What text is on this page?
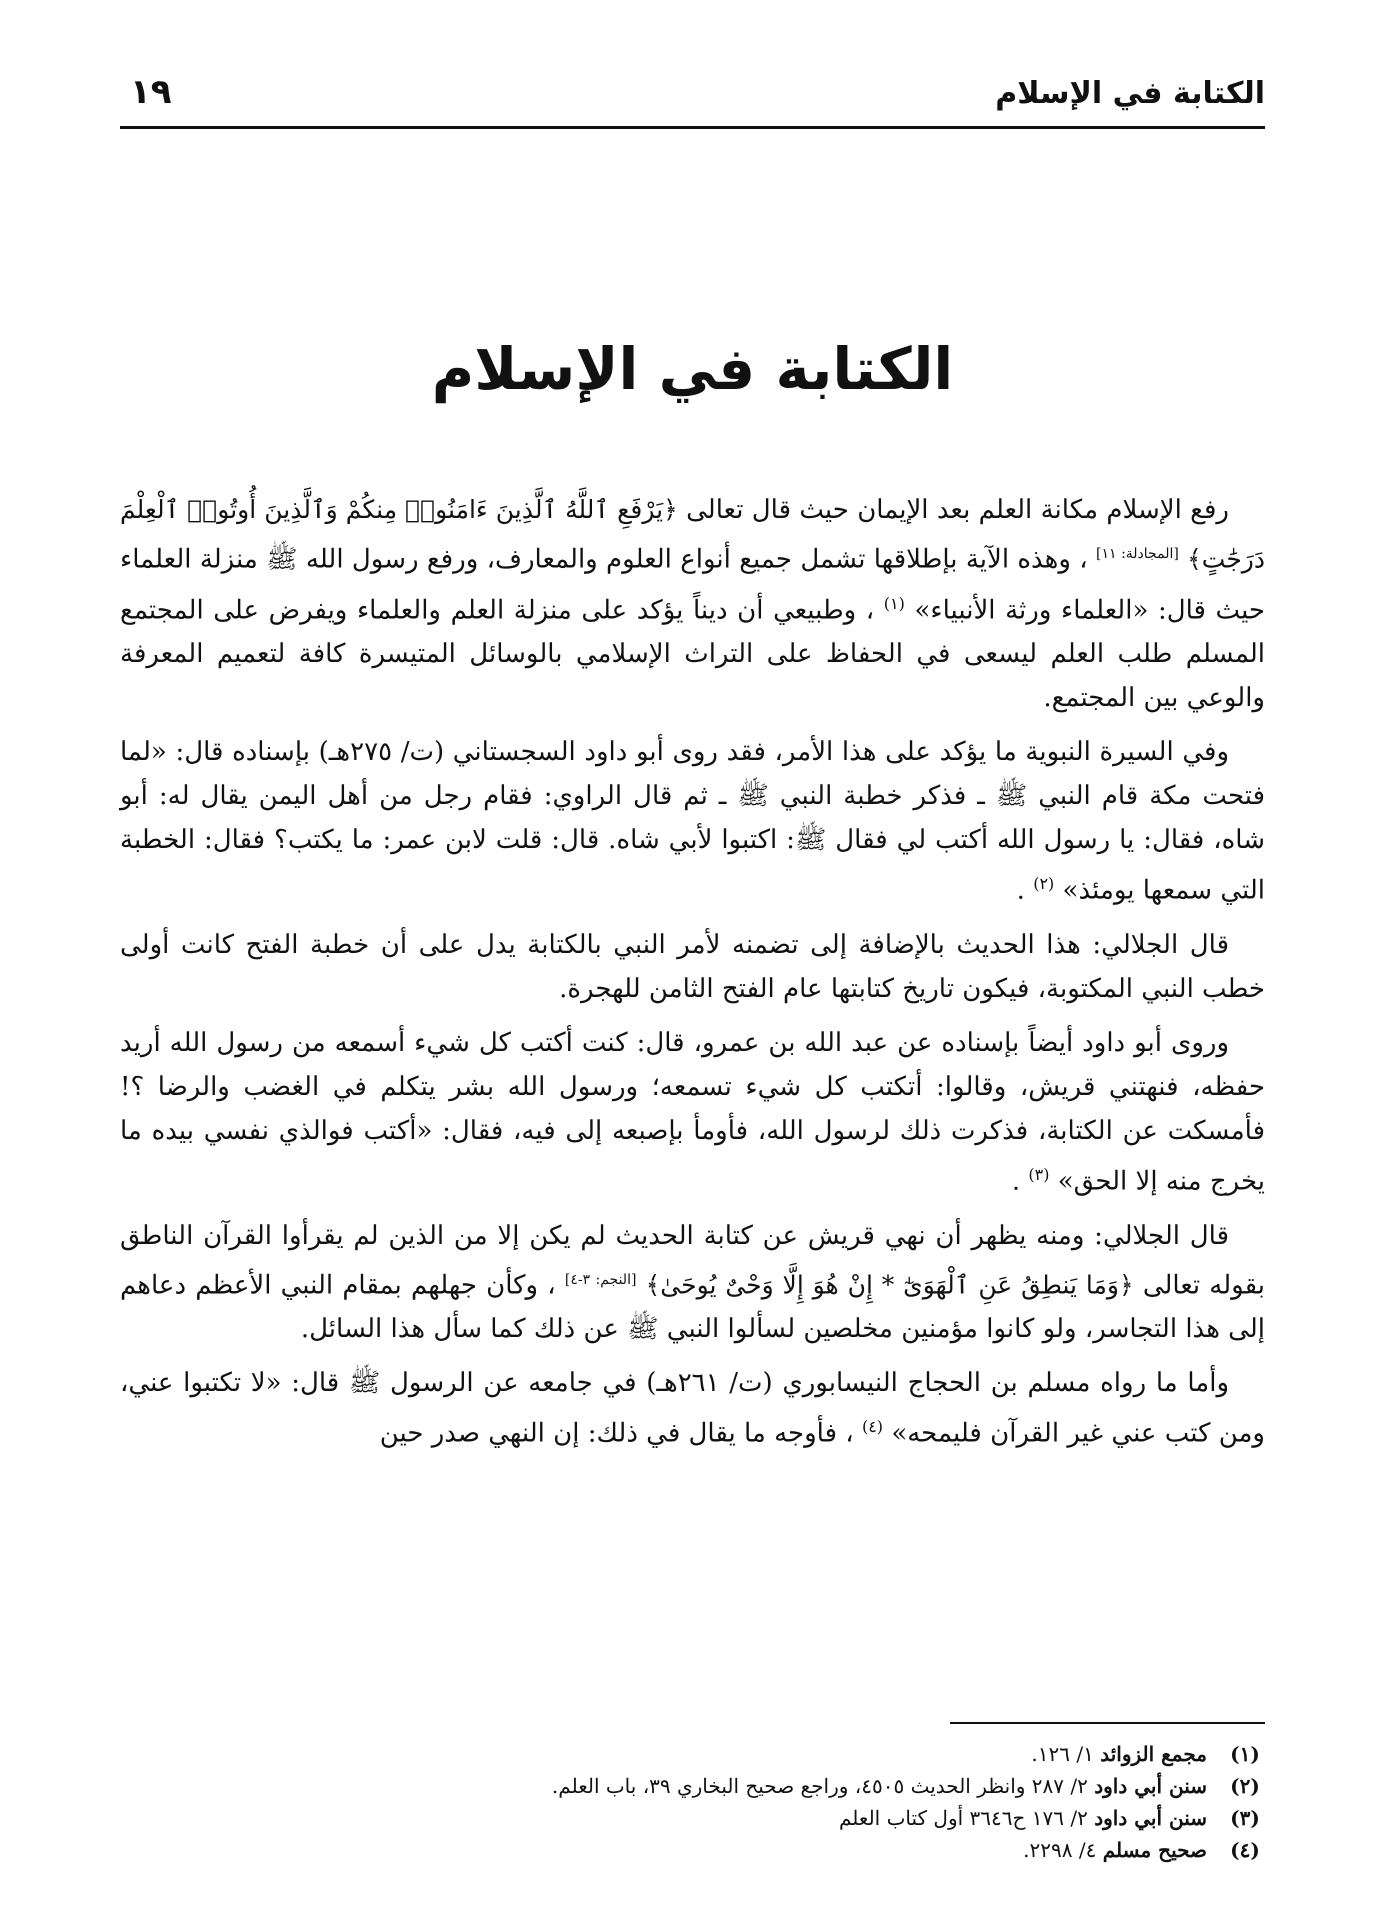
الكتابة في الإسلام
١٩
الكتابة في الإسلام

رفع الإسلام مكانة العلم بعد الإيمان حيث قال تعالى ﴿يَرْفَعِ ٱللَّهُ ٱلَّذِينَ ءَامَنُوا۟ مِنكُمْ وَٱلَّذِينَ أُوتُوا۟ ٱلْعِلْمَ دَرَجَٰتٍ﴾ [المجادلة: ١١] ، وهذه الآية بإطلاقها تشمل جميع أنواع العلوم والمعارف، ورفع رسول الله ﷺ منزلة العلماء حيث قال: «العلماء ورثة الأنبياء» $^{(١)}$ ، وطبيعي أن ديناً يؤكد على منزلة العلم والعلماء ويفرض على المجتمع المسلم طلب العلم ليسعى في الحفاظ على التراث الإسلامي بالوسائل المتيسرة كافة لتعميم المعرفة والوعي بين المجتمع.

وفي السيرة النبوية ما يؤكد على هذا الأمر، فقد روى أبو داود السجستاني (ت/ ٢٧٥هـ) بإسناده قال: «لما فتحت مكة قام النبي ﷺ ـ فذكر خطبة النبي ﷺ ـ ثم قال الراوي: فقام رجل من أهل اليمن يقال له: أبو شاه، فقال: يا رسول الله أكتب لي فقال ﷺ: اكتبوا لأبي شاه. قال: قلت لابن عمر: ما يكتب؟ فقال: الخطبة التي سمعها يومئذ» $^{(٢)}$ .

قال الجلالي: هذا الحديث بالإضافة إلى تضمنه لأمر النبي بالكتابة يدل على أن خطبة الفتح كانت أولى خطب النبي المكتوبة، فيكون تاريخ كتابتها عام الفتح الثامن للهجرة.

وروى أبو داود أيضاً بإسناده عن عبد الله بن عمرو، قال: كنت أكتب كل شيء أسمعه من رسول الله أريد حفظه، فنهتني قريش، وقالوا: أتكتب كل شيء تسمعه؛ ورسول الله بشر يتكلم في الغضب والرضا ؟! فأمسكت عن الكتابة، فذكرت ذلك لرسول الله، فأومأ بإصبعه إلى فيه، فقال: «أكتب فوالذي نفسي بيده ما يخرج منه إلا الحق» $^{(٣)}$ .

قال الجلالي: ومنه يظهر أن نهي قريش عن كتابة الحديث لم يكن إلا من الذين لم يقرأوا القرآن الناطق بقوله تعالى ﴿وَمَا يَنطِقُ عَنِ ٱلْهَوَىٰٓ * إِنْ هُوَ إِلَّا وَحْىٌ يُوحَىٰ﴾ [النجم: ٣-٤] ، وكأن جهلهم بمقام النبي الأعظم دعاهم إلى هذا التجاسر، ولو كانوا مؤمنين مخلصين لسألوا النبي ﷺ عن ذلك كما سأل هذا السائل.

وأما ما رواه مسلم بن الحجاج النيسابوري (ت/ ٢٦١هـ) في جامعه عن الرسول ﷺ قال: «لا تكتبوا عني، ومن كتب عني غير القرآن فليمحه» $^{(٤)}$ ، فأوجه ما يقال في ذلك: إن النهي صدر حين

(١)
مجمع الزوائد ١/ ١٢٦.
(٢)
سنن أبي داود ٢/ ٢٨٧ وانظر الحديث ٤٥٠٥، وراجع صحيح البخاري ٣٩، باب العلم.
(٣)
سنن أبي داود ٢/ ١٧٦ ح٣٦٤٦ أول كتاب العلم
(٤)
صحيح مسلم ٤/ ٢٢٩٨.
